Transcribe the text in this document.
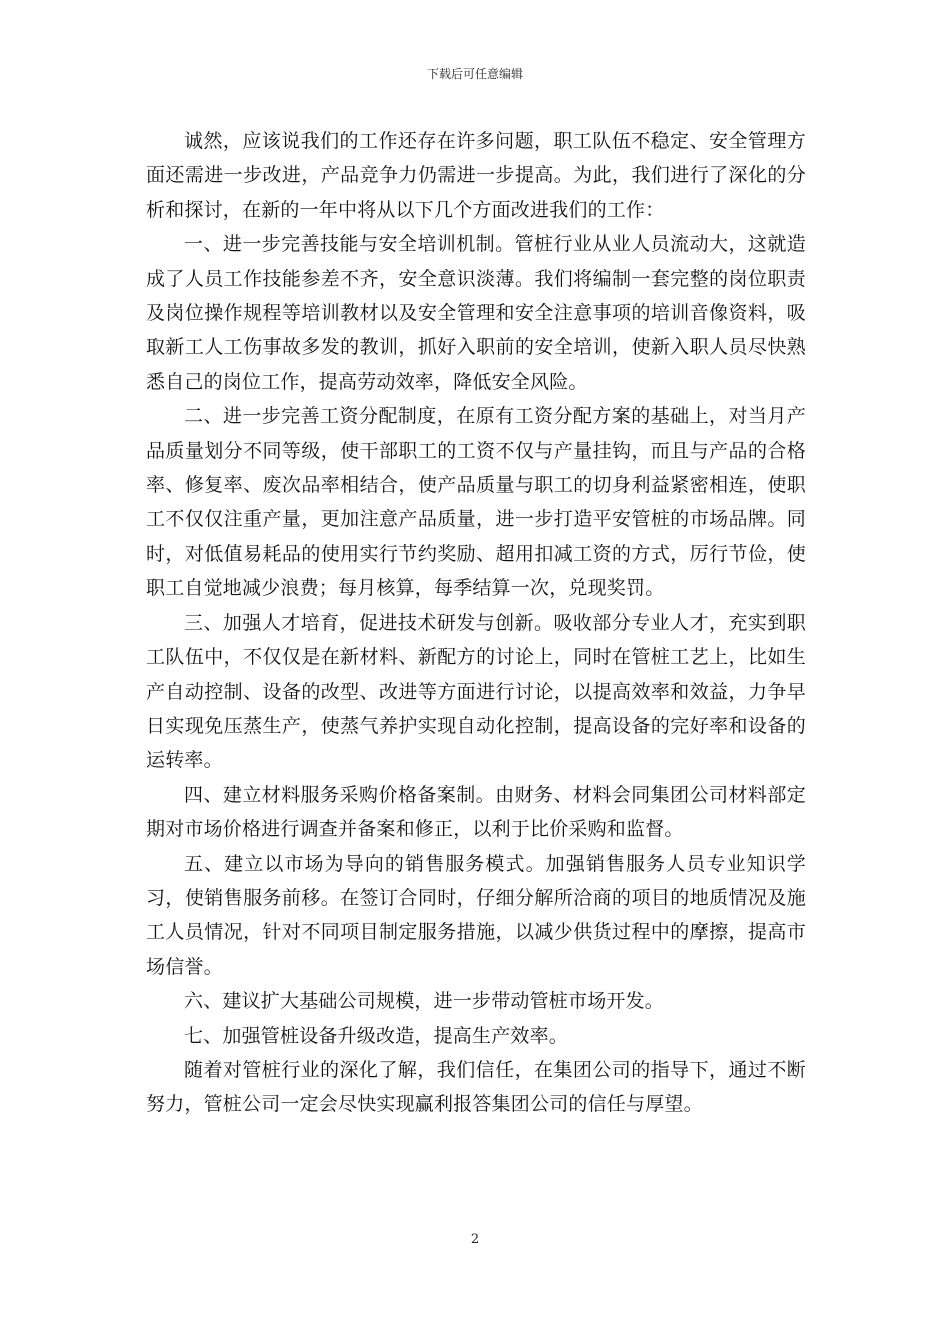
下载后可任意编辑

诚然，应该说我们的工作还存在许多问题，职工队伍不稳定、安全管理方面还需进一步改进，产品竞争力仍需进一步提高。为此，我们进行了深化的分析和探讨，在新的一年中将从以下几个方面改进我们的工作：

一、进一步完善技能与安全培训机制。管桩行业从业人员流动大，这就造成了人员工作技能参差不齐，安全意识淡薄。我们将编制一套完整的岗位职责及岗位操作规程等培训教材以及安全管理和安全注意事项的培训音像资料，吸取新工人工伤事故多发的教训，抓好入职前的安全培训，使新入职人员尽快熟悉自己的岗位工作，提高劳动效率，降低安全风险。

二、进一步完善工资分配制度，在原有工资分配方案的基础上，对当月产品质量划分不同等级，使干部职工的工资不仅与产量挂钩，而且与产品的合格率、修复率、废次品率相结合，使产品质量与职工的切身利益紧密相连，使职工不仅仅注重产量，更加注意产品质量，进一步打造平安管桩的市场品牌。同时，对低值易耗品的使用实行节约奖励、超用扣减工资的方式，厉行节俭，使职工自觉地减少浪费；每月核算，每季结算一次，兑现奖罚。

三、加强人才培育，促进技术研发与创新。吸收部分专业人才，充实到职工队伍中，不仅仅是在新材料、新配方的讨论上，同时在管桩工艺上，比如生产自动控制、设备的改型、改进等方面进行讨论，以提高效率和效益，力争早日实现免压蒸生产，使蒸气养护实现自动化控制，提高设备的完好率和设备的运转率。

四、建立材料服务采购价格备案制。由财务、材料会同集团公司材料部定期对市场价格进行调查并备案和修正，以利于比价采购和监督。

五、建立以市场为导向的销售服务模式。加强销售服务人员专业知识学习，使销售服务前移。在签订合同时，仔细分解所洽商的项目的地质情况及施工人员情况，针对不同项目制定服务措施，以减少供货过程中的摩擦，提高市场信誉。

六、建议扩大基础公司规模，进一步带动管桩市场开发。

七、加强管桩设备升级改造，提高生产效率。

随着对管桩行业的深化了解，我们信任，在集团公司的指导下，通过不断努力，管桩公司一定会尽快实现赢利报答集团公司的信任与厚望。

2
